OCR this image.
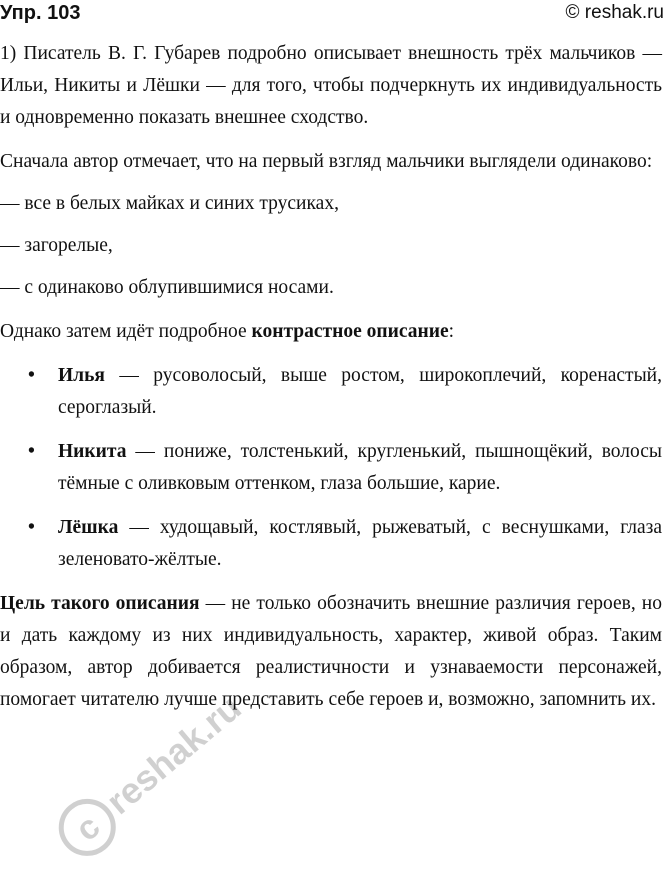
Упр. 103	© reshak.ru

1) Писатель В. Г. Губарев подробно описывает внешность трёх мальчиков — Ильи, Никиты и Лёшки — для того, чтобы подчеркнуть их индивидуальность и одновременно показать внешнее сходство.

Сначала автор отмечает, что на первый взгляд мальчики выглядели одинаково:

— все в белых майках и синих трусиках,

— загорелые,

— с одинаково облупившимися носами.

Однако затем идёт подробное контрастное описание:

• Илья — русоволосый, выше ростом, широкоплечий, коренастый, сероглазый.
• Никита — пониже, толстенький, кругленький, пышнощёкий, волосы тёмные с оливковым оттенком, глаза большие, карие.
• Лёшка — худощавый, костлявый, рыжеватый, с веснушками, глаза зеленовато-жёлтые.

Цель такого описания — не только обозначить внешние различия героев, но и дать каждому из них индивидуальность, характер, живой образ. Таким образом, автор добивается реалистичности и узнаваемости персонажей, помогает читателю лучше представить себе героев и, возможно, запомнить их.

c
reshak.ru
